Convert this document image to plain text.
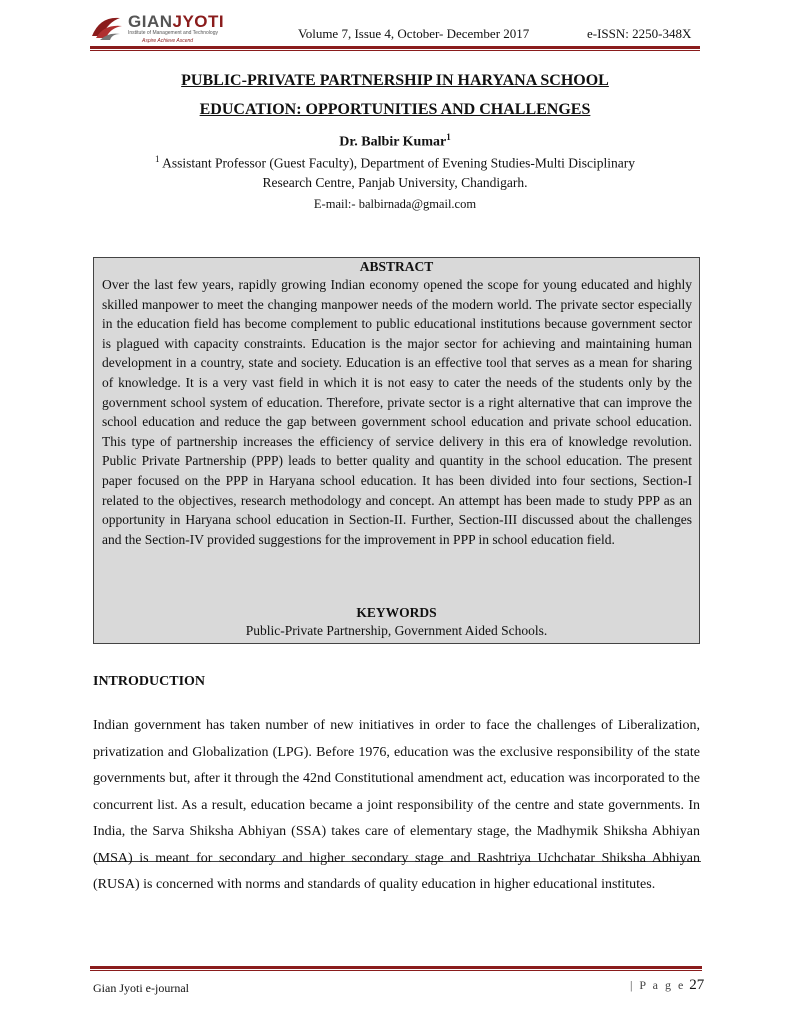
GIANJYOTI
Institute of Management and Technology
Aspire Achieve Ascend	Volume 7, Issue 4, October- December 2017	e-ISSN: 2250-348X
PUBLIC-PRIVATE PARTNERSHIP IN HARYANA SCHOOL
EDUCATION: OPPORTUNITIES AND CHALLENGES
Dr. Balbir Kumar$^1$
$^1$ Assistant Professor (Guest Faculty), Department of Evening Studies-Multi Disciplinary
Research Centre, Panjab University, Chandigarh.
E-mail:- balbirnada@gmail.com
ABSTRACT
Over the last few years, rapidly growing Indian economy opened the scope for young educated and highly skilled manpower to meet the changing manpower needs of the modern world. The private sector especially in the education field has become complement to public educational institutions because government sector is plagued with capacity constraints. Education is the major sector for achieving and maintaining human development in a country, state and society. Education is an effective tool that serves as a mean for sharing of knowledge. It is a very vast field in which it is not easy to cater the needs of the students only by the government school system of education. Therefore, private sector is a right alternative that can improve the school education and reduce the gap between government school education and private school education. This type of partnership increases the efficiency of service delivery in this era of knowledge revolution. Public Private Partnership (PPP) leads to better quality and quantity in the school education. The present paper focused on the PPP in Haryana school education. It has been divided into four sections, Section-I related to the objectives, research methodology and concept. An attempt has been made to study PPP as an opportunity in Haryana school education in Section-II. Further, Section-III discussed about the challenges and the Section-IV provided suggestions for the improvement in PPP in school education field.
KEYWORDS
Public-Private Partnership, Government Aided Schools.
INTRODUCTION
Indian government has taken number of new initiatives in order to face the challenges of Liberalization, privatization and Globalization (LPG). Before 1976, education was the exclusive responsibility of the state governments but, after it through the 42nd Constitutional amendment act, education was incorporated to the concurrent list. As a result, education became a joint responsibility of the centre and state governments. In India, the Sarva Shiksha Abhiyan (SSA) takes care of elementary stage, the Madhymik Shiksha Abhiyan (MSA) is meant for secondary and higher secondary stage and Rashtriya Uchchatar Shiksha Abhiyan (RUSA) is concerned with norms and standards of quality education in higher educational institutes.
Gian Jyoti e-journal	| P a g e 27
